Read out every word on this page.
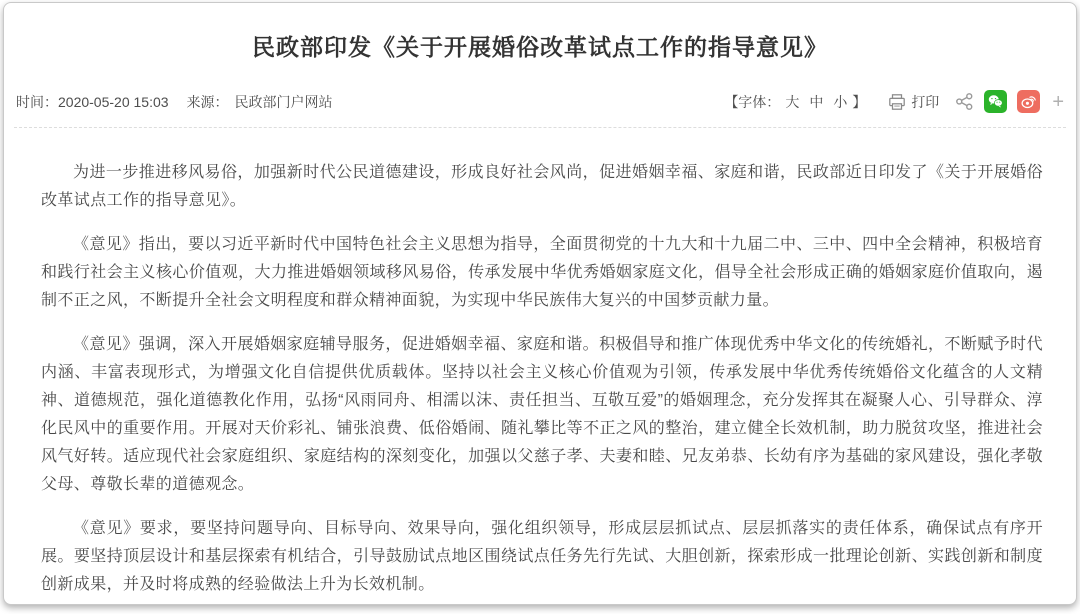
民政部印发《关于开展婚俗改革试点工作的指导意见》
时间： 2020-05-20 15:03 来源： 民政部门户网站	【字体： 大 中 小 】	打印	+

为进一步推进移风易俗，加强新时代公民道德建设，形成良好社会风尚，促进婚姻幸福、家庭和谐，民政部近日印发了《关于开展婚俗改革试点工作的指导意见》。

《意见》指出，要以习近平新时代中国特色社会主义思想为指导，全面贯彻党的十九大和十九届二中、三中、四中全会精神，积极培育和践行社会主义核心价值观，大力推进婚姻领域移风易俗，传承发展中华优秀婚姻家庭文化，倡导全社会形成正确的婚姻家庭价值取向，遏制不正之风，不断提升全社会文明程度和群众精神面貌，为实现中华民族伟大复兴的中国梦贡献力量。

《意见》强调，深入开展婚姻家庭辅导服务，促进婚姻幸福、家庭和谐。积极倡导和推广体现优秀中华文化的传统婚礼，不断赋予时代内涵、丰富表现形式，为增强文化自信提供优质载体。坚持以社会主义核心价值观为引领，传承发展中华优秀传统婚俗文化蕴含的人文精神、道德规范，强化道德教化作用，弘扬“风雨同舟、相濡以沫、责任担当、互敬互爱”的婚姻理念，充分发挥其在凝聚人心、引导群众、淳化民风中的重要作用。开展对天价彩礼、铺张浪费、低俗婚闹、随礼攀比等不正之风的整治，建立健全长效机制，助力脱贫攻坚，推进社会风气好转。适应现代社会家庭组织、家庭结构的深刻变化，加强以父慈子孝、夫妻和睦、兄友弟恭、长幼有序为基础的家风建设，强化孝敬父母、尊敬长辈的道德观念。

《意见》要求，要坚持问题导向、目标导向、效果导向，强化组织领导，形成层层抓试点、层层抓落实的责任体系，确保试点有序开展。要坚持顶层设计和基层探索有机结合，引导鼓励试点地区围绕试点任务先行先试、大胆创新，探索形成一批理论创新、实践创新和制度创新成果，并及时将成熟的经验做法上升为长效机制。
